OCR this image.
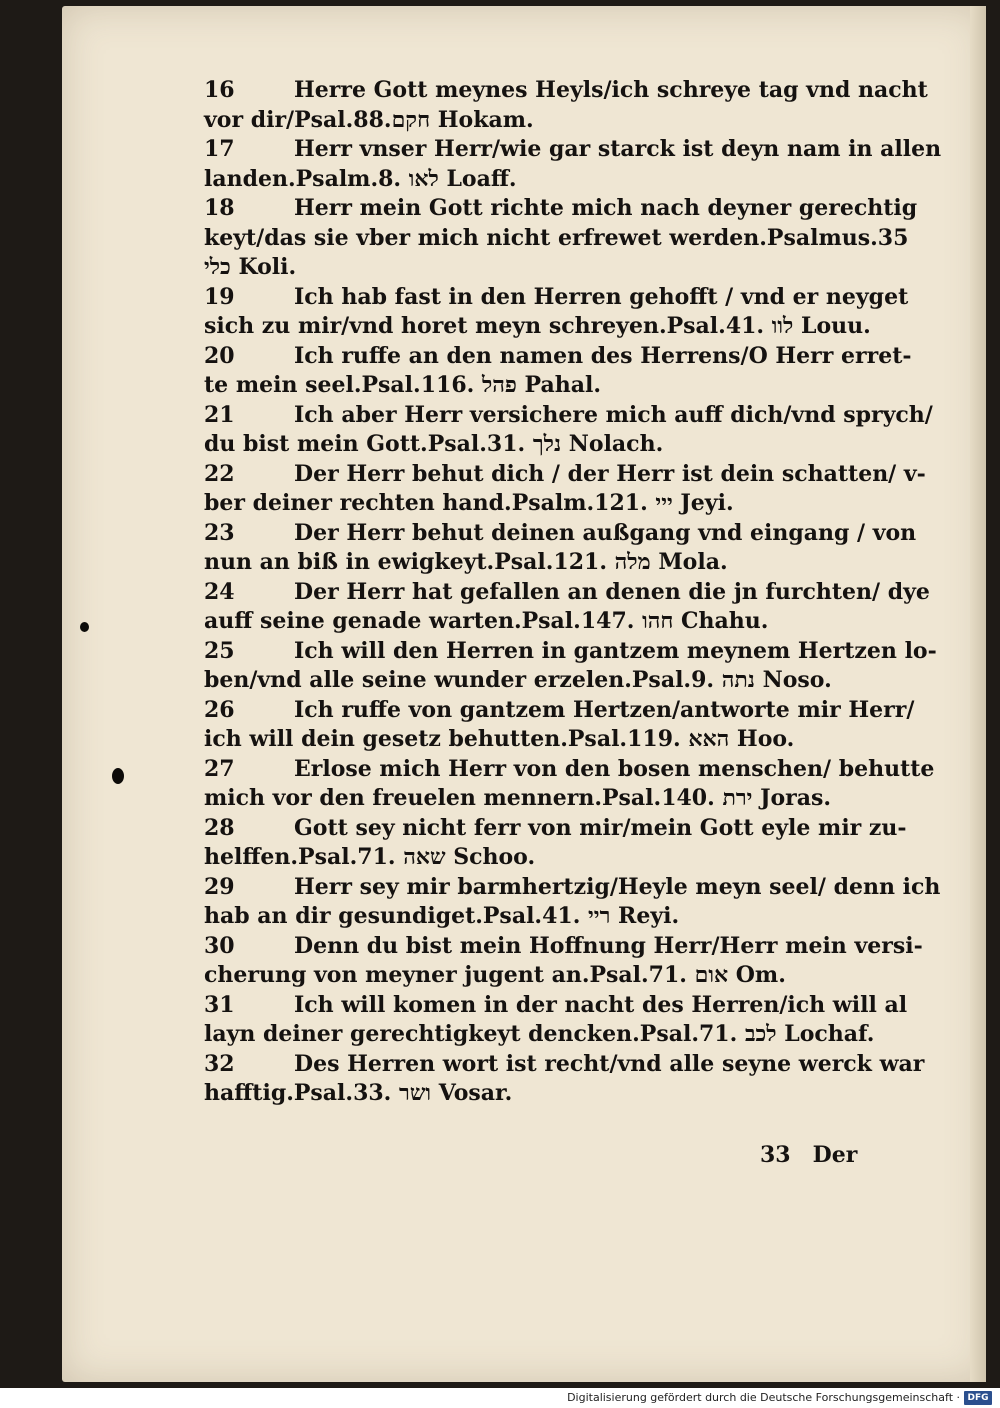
16	Herre Gott meynes Heyls/ich schreye tag vnd nacht
vor dir/Psal.88.חקם Hokam.
17	Herr vnser Herr/wie gar starck ist deyn nam in allen
landen.Psalm.8. לאו Loaff.
18	Herr mein Gott richte mich nach deyner gerechtig
keyt/das sie vber mich nicht erfrewet werden.Psalmus.35
כלי Koli.
19	Ich hab fast in den Herren gehofft / vnd er neyget
sich zu mir/vnd horet meyn schreyen.Psal.41. לוו Louu.
20	Ich ruffe an den namen des Herrens/O Herr erret-
te mein seel.Psal.116. פהל Pahal.
21	Ich aber Herr versichere mich auff dich/vnd sprych/
du bist mein Gott.Psal.31. נלך Nolach.
22	Der Herr behut dich / der Herr ist dein schatten/ v-
ber deiner rechten hand.Psalm.121. ייי Jeyi.
23	Der Herr behut deinen außgang vnd eingang / von
nun an biß in ewigkeyt.Psal.121. מלה Mola.
24	Der Herr hat gefallen an denen die jn furchten/ dye
auff seine genade warten.Psal.147. חהו Chahu.
25	Ich will den Herren in gantzem meynem Hertzen lo-
ben/vnd alle seine wunder erzelen.Psal.9. נתה Noso.
26	Ich ruffe von gantzem Hertzen/antworte mir Herr/
ich will dein gesetz behutten.Psal.119. האא Hoo.
27	Erlose mich Herr von den bosen menschen/ behutte
mich vor den freuelen mennern.Psal.140. ירת Joras.
28	Gott sey nicht ferr von mir/mein Gott eyle mir zu-
helffen.Psal.71. שאה Schoo.
29	Herr sey mir barmhertzig/Heyle meyn seel/ denn ich
hab an dir gesundiget.Psal.41. ריי Reyi.
30	Denn du bist mein Hoffnung Herr/Herr mein versi-
cherung von meyner jugent an.Psal.71. אום Om.
31	Ich will komen in der nacht des Herren/ich will al
layn deiner gerechtigkeyt dencken.Psal.71. לכב Lochaf.
32	Des Herren wort ist recht/vnd alle seyne werck war
hafftig.Psal.33. ושר Vosar.
33 Der
Digitalisierung gefördert durch die Deutsche Forschungsgemeinschaft · DFG
